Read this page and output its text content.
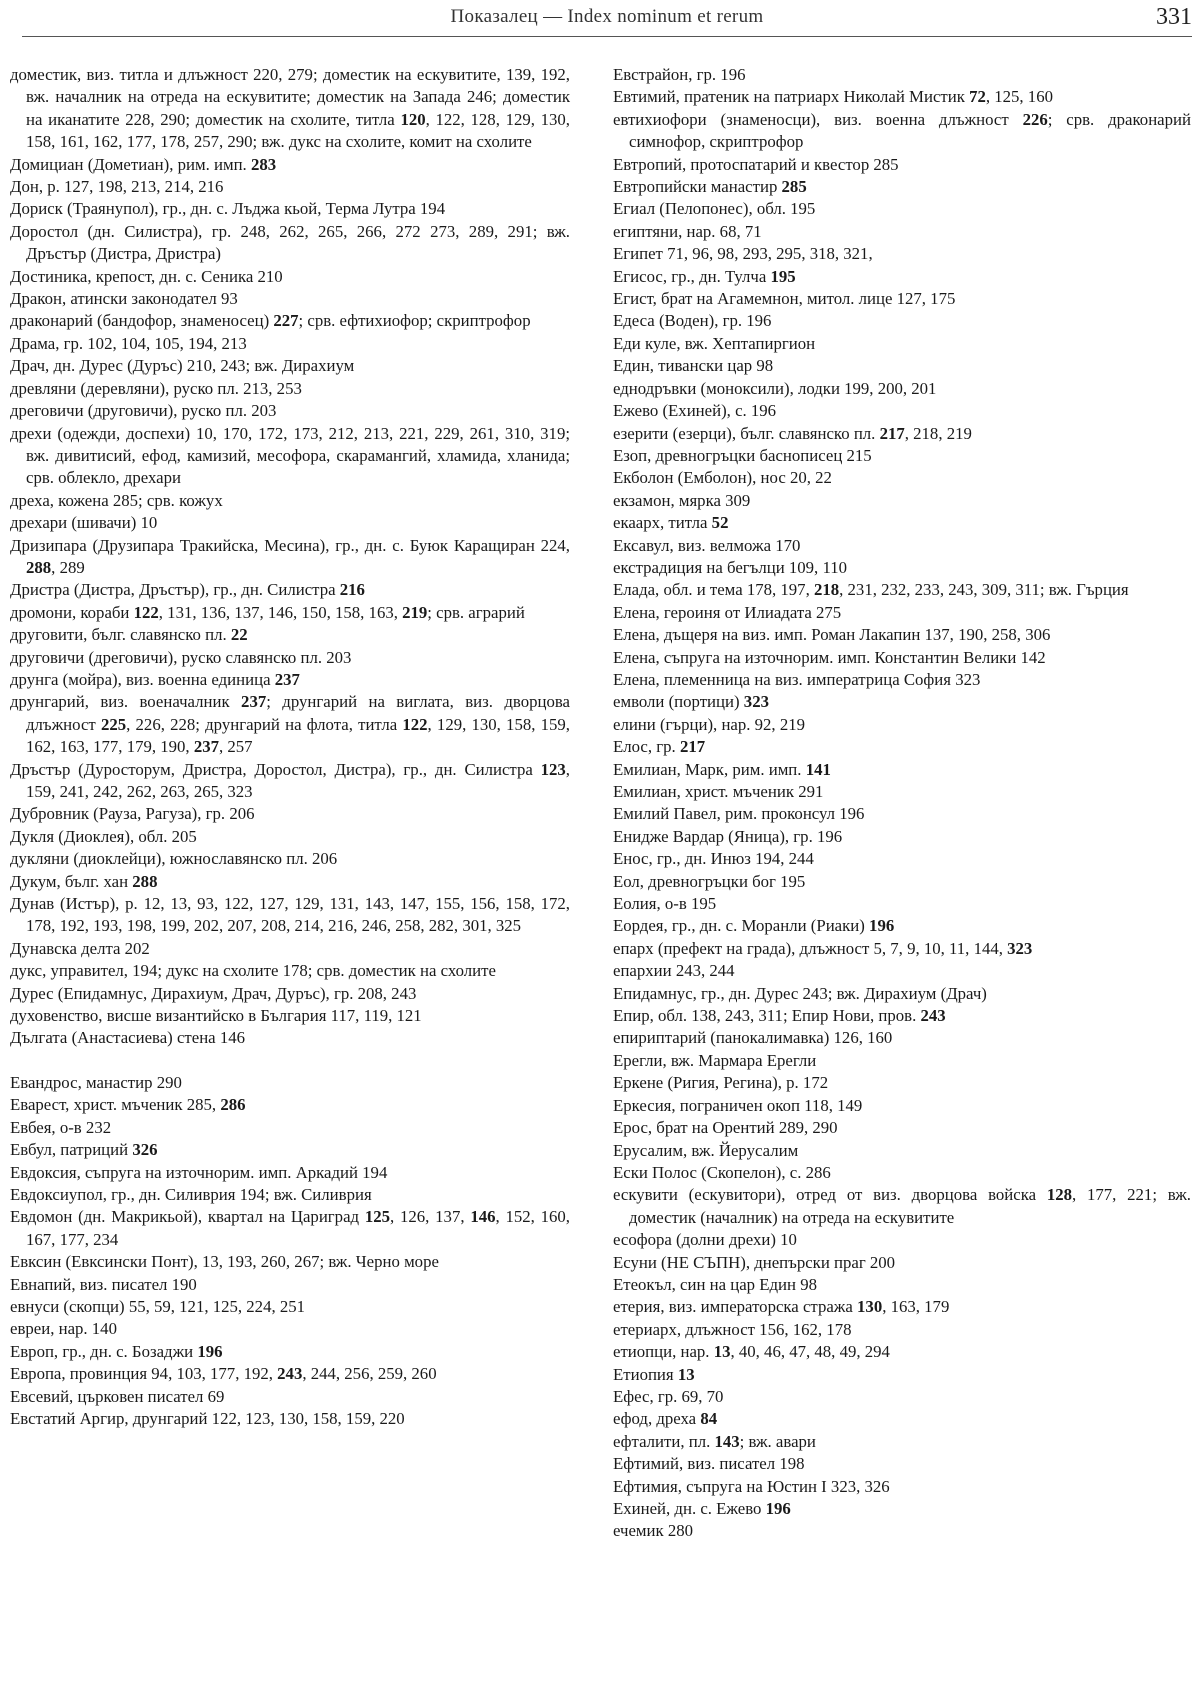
Показалец — Index nominum et rerum	331

доместик, виз. титла и длъжност 220, 279; доместик на ескувитите, 139, 192, вж. началник на отреда на ескувитите; доместик на Запада 246; доместик на иканатите 228, 290; доместик на схолите, титла 120, 122, 128, 129, 130, 158, 161, 162, 177, 178, 257, 290; вж. дукс на схолите, комит на схолите

Домициан (Дометиан), рим. имп. 283

Дон, р. 127, 198, 213, 214, 216

Дориск (Траянупол), гр., дн. с. Лъджа кьой, Терма Лутра 194

Доростол (дн. Силистра), гр. 248, 262, 265, 266, 272 273, 289, 291; вж. Дръстър (Дистра, Дристра)

Достиника, крепост, дн. с. Сеника 210

Дракон, атински законодател 93

драконарий (бандофор, знаменосец) 227; срв. ефтихиофор; скриптрофор

Драма, гр. 102, 104, 105, 194, 213

Драч, дн. Дурес (Дуръс) 210, 243; вж. Дирахиум

древляни (деревляни), руско пл. 213, 253

дреговичи (друговичи), руско пл. 203

дрехи (одежди, доспехи) 10, 170, 172, 173, 212, 213, 221, 229, 261, 310, 319; вж. дивитисий, ефод, камизий, месофора, скарамангий, хламида, хланида; срв. облекло, дрехари

дреха, кожена 285; срв. кожух

дрехари (шивачи) 10

Дризипара (Друзипара Тракийска, Месина), гр., дн. с. Буюк Каращиран 224, 288, 289

Дристра (Дистра, Дръстър), гр., дн. Силистра 216

дромони, кораби 122, 131, 136, 137, 146, 150, 158, 163, 219; срв. аграрий

друговити, бълг. славянско пл. 22

друговичи (дреговичи), руско славянско пл. 203

друнга (мойра), виз. военна единица 237

друнгарий, виз. военачалник 237; друнгарий на виглата, виз. дворцова длъжност 225, 226, 228; друнгарий на флота, титла 122, 129, 130, 158, 159, 162, 163, 177, 179, 190, 237, 257

Дръстър (Дуросторум, Дристра, Доростол, Дистра), гр., дн. Силистра 123, 159, 241, 242, 262, 263, 265, 323

Дубровник (Рауза, Рагуза), гр. 206

Дукля (Диоклея), обл. 205

дукляни (диоклейци), южнославянско пл. 206

Дукум, бълг. хан 288

Дунав (Истър), р. 12, 13, 93, 122, 127, 129, 131, 143, 147, 155, 156, 158, 172, 178, 192, 193, 198, 199, 202, 207, 208, 214, 216, 246, 258, 282, 301, 325

Дунавска делта 202

дукс, управител, 194; дукс на схолите 178; срв. доместик на схолите

Дурес (Епидамнус, Дирахиум, Драч, Дуръс), гр. 208, 243

духовенство, висше византийско в България 117, 119, 121

Дългата (Анастасиева) стена 146

Евандрос, манастир 290

Еварест, христ. мъченик 285, 286

Евбея, о-в 232

Евбул, патриций 326

Евдоксия, съпруга на източнорим. имп. Аркадий 194

Евдоксиупол, гр., дн. Силиврия 194; вж. Силиврия

Евдомон (дн. Макрикьой), квартал на Цариград 125, 126, 137, 146, 152, 160, 167, 177, 234

Евксин (Евксински Понт), 13, 193, 260, 267; вж. Черно море

Евнапий, виз. писател 190

евнуси (скопци) 55, 59, 121, 125, 224, 251

евреи, нар. 140

Европ, гр., дн. с. Бозаджи 196

Европа, провинция 94, 103, 177, 192, 243, 244, 256, 259, 260

Евсевий, църковен писател 69

Евстатий Аргир, друнгарий 122, 123, 130, 158, 159, 220

Евстрайон, гр. 196

Евтимий, пратеник на патриарх Николай Мистик 72, 125, 160

евтихиофори (знаменосци), виз. военна длъжност 226; срв. драконарий симнофор, скриптрофор

Евтропий, протоспатарий и квестор 285

Евтропийски манастир 285

Егиал (Пелопонес), обл. 195

египтяни, нар. 68, 71

Египет 71, 96, 98, 293, 295, 318, 321,

Егисос, гр., дн. Тулча 195

Егист, брат на Агамемнон, митол. лице 127, 175

Едеса (Воден), гр. 196

Еди куле, вж. Хептапиргион

Един, тивански цар 98

еднодръвки (моноксили), лодки 199, 200, 201

Ежево (Ехиней), с. 196

езерити (езерци), бълг. славянско пл. 217, 218, 219

Езоп, древногръцки баснописец 215

Екболон (Емболон), нос 20, 22

екзамон, мярка 309

екаарх, титла 52

Ексавул, виз. велможа 170

екстрадиция на бегълци 109, 110

Елада, обл. и тема 178, 197, 218, 231, 232, 233, 243, 309, 311; вж. Гърция

Елена, героиня от Илиадата 275

Елена, дъщеря на виз. имп. Роман Лакапин 137, 190, 258, 306

Елена, съпруга на източнорим. имп. Константин Велики 142

Елена, племенница на виз. императрица София 323

емволи (портици) 323

елини (гърци), нар. 92, 219

Елос, гр. 217

Емилиан, Марк, рим. имп. 141

Емилиан, христ. мъченик 291

Емилий Павел, рим. проконсул 196

Енидже Вардар (Яница), гр. 196

Енос, гр., дн. Инюз 194, 244

Еол, древногръцки бог 195

Еолия, о-в 195

Еордея, гр., дн. с. Моранли (Риаки) 196

епарх (префект на града), длъжност 5, 7, 9, 10, 11, 144, 323

епархии 243, 244

Епидамнус, гр., дн. Дурес 243; вж. Дирахиум (Драч)

Епир, обл. 138, 243, 311; Епир Нови, пров. 243

епириптарий (панокалимавка) 126, 160

Ерегли, вж. Мармара Ерегли

Еркене (Ригия, Регина), р. 172

Еркесия, пограничен окоп 118, 149

Ерос, брат на Орентий 289, 290

Ерусалим, вж. Йерусалим

Ески Полос (Скопелон), с. 286

ескувити (ескувитори), отред от виз. дворцова войска 128, 177, 221; вж. доместик (началник) на отреда на ескувитите

есофора (долни дрехи) 10

Есуни (НЕ СЪПН), днепърски праг 200

Етеокъл, син на цар Един 98

етерия, виз. императорска стража 130, 163, 179

етериарх, длъжност 156, 162, 178

етиопци, нар. 13, 40, 46, 47, 48, 49, 294

Етиопия 13

Ефес, гр. 69, 70

ефод, дреха 84

ефталити, пл. 143; вж. авари

Ефтимий, виз. писател 198

Ефтимия, съпруга на Юстин I 323, 326

Ехиней, дн. с. Ежево 196

ечемик 280
